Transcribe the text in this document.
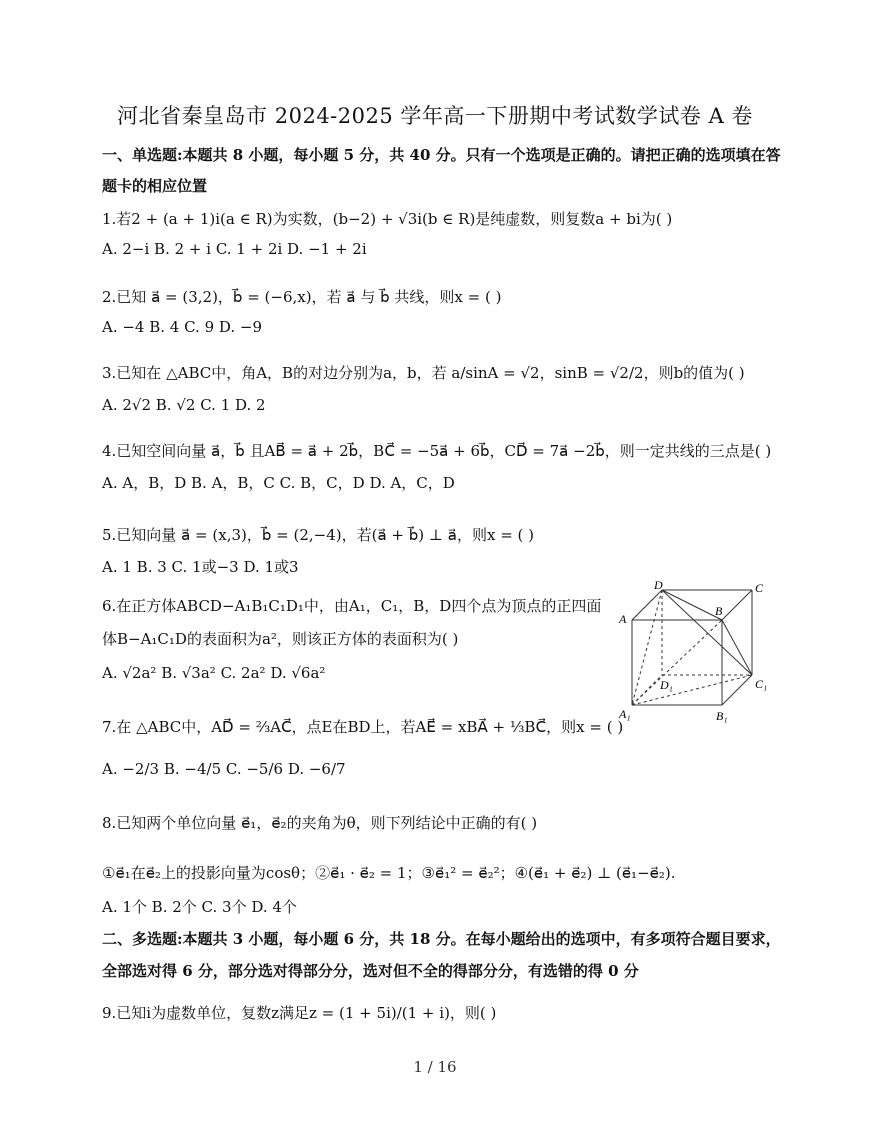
河北省秦皇岛市 2024-2025 学年高一下册期中考试数学试卷 A 卷
一、单选题:本题共 8 小题，每小题 5 分，共 40 分。只有一个选项是正确的。请把正确的选项填在答
题卡的相应位置
1.若2 + (a + 1)i(a ∈ R)为实数，(b−2) + √3i(b ∈ R)是纯虚数，则复数a + bi为( )
A. 2−i B. 2 + i C. 1 + 2i D. −1 + 2i
2.已知 a⃗ = (3,2)，b⃗ = (−6,x)，若 a⃗ 与 b⃗ 共线，则x = ( )
A. −4 B. 4 C. 9 D. −9
3.已知在 △ABC中，角A，B的对边分别为a，b，若 a/sinA = √2，sinB = √2/2，则b的值为( )
A. 2√2 B. √2 C. 1 D. 2
4.已知空间向量 a⃗，b⃗ 且AB⃗ = a⃗ + 2b⃗，BC⃗ = −5a⃗ + 6b⃗，CD⃗ = 7a⃗ −2b⃗，则一定共线的三点是( )
A. A，B，D B. A，B，C C. B，C，D D. A，C，D
5.已知向量 a⃗ = (x,3)，b⃗ = (2,−4)，若(a⃗ + b⃗) ⊥ a⃗，则x = ( )
A. 1 B. 3 C. 1或−3 D. 1或3
6.在正方体ABCD−A₁B₁C₁D₁中，由A₁，C₁，B，D四个点为顶点的正四面
体B−A₁C₁D的表面积为a²，则该正方体的表面积为( )
A. √2a² B. √3a² C. 2a² D. √6a²
D	C
A
B
D₁	C₁
A₁	B₁
7.在 △ABC中，AD⃗ = ⅔AC⃗，点E在BD上，若AE⃗ = xBA⃗ + ⅓BC⃗，则x = ( )
A. −2/3 B. −4/5 C. −5/6 D. −6/7
8.已知两个单位向量 e⃗₁，e⃗₂的夹角为θ，则下列结论中正确的有( )
①e⃗₁在e⃗₂上的投影向量为cosθ；②e⃗₁ · e⃗₂ = 1；③e⃗₁² = e⃗₂²；④(e⃗₁ + e⃗₂) ⊥ (e⃗₁−e⃗₂).
A. 1个 B. 2个 C. 3个 D. 4个
二、多选题:本题共 3 小题，每小题 6 分，共 18 分。在每小题给出的选项中，有多项符合题目要求，
全部选对得 6 分，部分选对得部分分，选对但不全的得部分分，有选错的得 0 分
9.已知i为虚数单位，复数z满足z = (1 + 5i)/(1 + i)，则( )
1 / 16
